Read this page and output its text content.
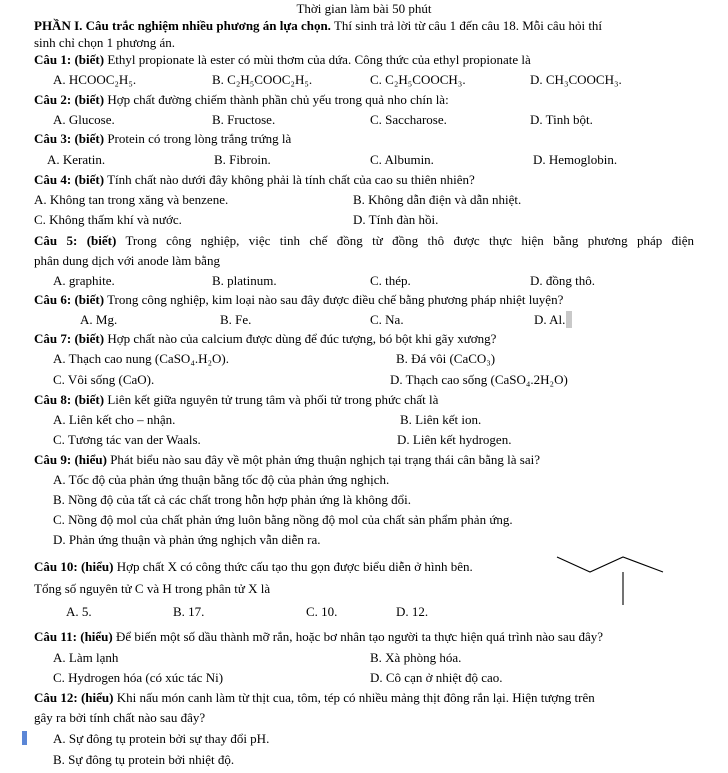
Thời gian làm bài 50 phút
PHẦN I. Câu trắc nghiệm nhiều phương án lựa chọn. Thí sinh trả lời từ câu 1 đến câu 18. Mỗi câu hỏi thí
sinh chỉ chọn 1 phương án.
Câu 1: (biết) Ethyl propionate là ester có mùi thơm của dứa. Công thức của ethyl propionate là
A. HCOOC₂H₅.	B. C₂H₅COOC₂H₅.	C. C₂H₅COOCH₃.	D. CH₃COOCH₃.
Câu 2: (biết) Hợp chất đường chiếm thành phần chủ yếu trong quả nho chín là:
A. Glucose.	B. Fructose.	C. Saccharose.	D. Tinh bột.
Câu 3: (biết) Protein có trong lòng trắng trứng là
A. Keratin.	B. Fibroin.	C. Albumin.	D. Hemoglobin.
Câu 4: (biết) Tính chất nào dưới đây không phải là tính chất của cao su thiên nhiên?
A. Không tan trong xăng và benzene.	B. Không dẫn điện và dẫn nhiệt.
C. Không thấm khí và nước.	D. Tính đàn hồi.
Câu 5: (biết) Trong công nghiệp, việc tinh chế đồng từ đồng thô được thực hiện bằng phương pháp điện
phân dung dịch với anode làm bằng
A. graphite.	B. platinum.	C. thép.	D. đồng thô.
Câu 6: (biết) Trong công nghiệp, kim loại nào sau đây được điều chế bằng phương pháp nhiệt luyện?
A. Mg.	B. Fe.	C. Na.	D. Al.
Câu 7: (biết) Hợp chất nào của calcium được dùng để đúc tượng, bó bột khi gãy xương?
A. Thạch cao nung (CaSO₄.H₂O).	B. Đá vôi (CaCO₃)
C. Vôi sống (CaO).	D. Thạch cao sống (CaSO₄.2H₂O)
Câu 8: (biết) Liên kết giữa nguyên tử trung tâm và phối tử trong phức chất là
A. Liên kết cho – nhận.	B. Liên kết ion.
C. Tương tác van der Waals.	D. Liên kết hydrogen.
Câu 9: (hiểu) Phát biểu nào sau đây về một phản ứng thuận nghịch tại trạng thái cân bằng là sai?
A. Tốc độ của phản ứng thuận bằng tốc độ của phản ứng nghịch.
B. Nồng độ của tất cả các chất trong hỗn hợp phản ứng là không đổi.
C. Nồng độ mol của chất phản ứng luôn bằng nồng độ mol của chất sản phẩm phản ứng.
D. Phản ứng thuận và phản ứng nghịch vẫn diễn ra.
Câu 10: (hiểu) Hợp chất X có công thức cấu tạo thu gọn được biểu diễn ở hình bên.
Tổng số nguyên tử C và H trong phân tử X là
A. 5.	B. 17.	C. 10.	D. 12.
Câu 11: (hiểu) Để biến một số dầu thành mỡ rắn, hoặc bơ nhân tạo người ta thực hiện quá trình nào sau đây?
A. Làm lạnh	B. Xà phòng hóa.
C. Hydrogen hóa (có xúc tác Ni)	D. Cô cạn ở nhiệt độ cao.
Câu 12: (hiểu) Khi nấu món canh làm từ thịt cua, tôm, tép có nhiều mảng thịt đông rắn lại. Hiện tượng trên
gây ra bởi tính chất nào sau đây?
A. Sự đông tụ protein bởi sự thay đổi pH.
B. Sự đông tụ protein bởi nhiệt độ.
